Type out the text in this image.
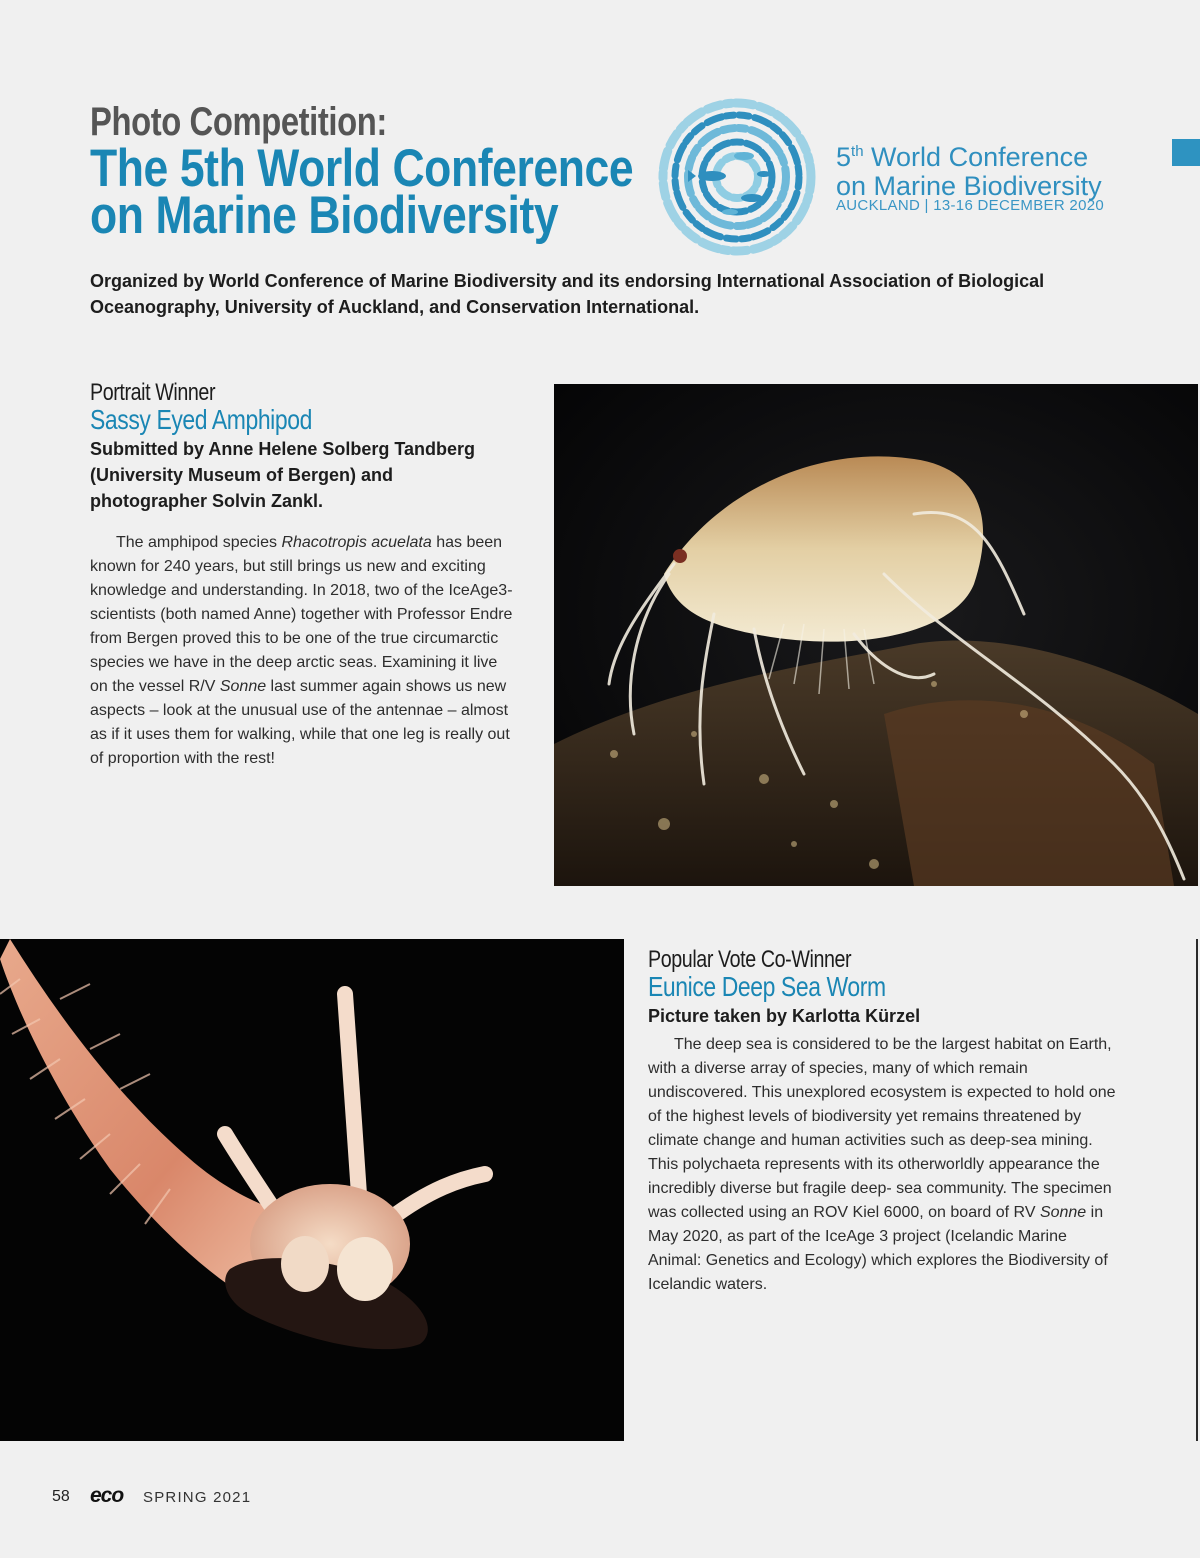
Photo Competition:
The 5th World Conference
on Marine Biodiversity
5th World Conference
on Marine Biodiversity
AUCKLAND | 13-16 DECEMBER 2020
Organized by World Conference of Marine Biodiversity and its endorsing International Association of Biological Oceanography, University of Auckland, and Conservation International.
Portrait Winner
Sassy Eyed Amphipod
Submitted by Anne Helene Solberg Tandberg (University Museum of Bergen) and photographer Solvin Zankl.

The amphipod species Rhacotropis acuelata has been known for 240 years, but still brings us new and exciting knowledge and understanding. In 2018, two of the IceAge3-scientists (both named Anne) together with Professor Endre from Bergen proved this to be one of the true circumarctic species we have in the deep arctic seas. Examining it live on the vessel R/V Sonne last summer again shows us new aspects – look at the unusual use of the antennae – almost as if it uses them for walking, while that one leg is really out of proportion with the rest!

Popular Vote Co-Winner
Eunice Deep Sea Worm
Picture taken by Karlotta Kürzel

The deep sea is considered to be the largest habitat on Earth, with a diverse array of species, many of which remain undiscovered. This unexplored ecosystem is expected to hold one of the highest levels of biodiversity yet remains threatened by climate change and human activities such as deep-sea mining. This polychaeta represents with its otherworldly appearance the incredibly diverse but fragile deep- sea community. The specimen was collected using an ROV Kiel 6000, on board of RV Sonne in May 2020, as part of the IceAge 3 project (Icelandic Marine Animal: Genetics and Ecology) which explores the Biodiversity of Icelandic waters.

58 eco SPRING 2021
